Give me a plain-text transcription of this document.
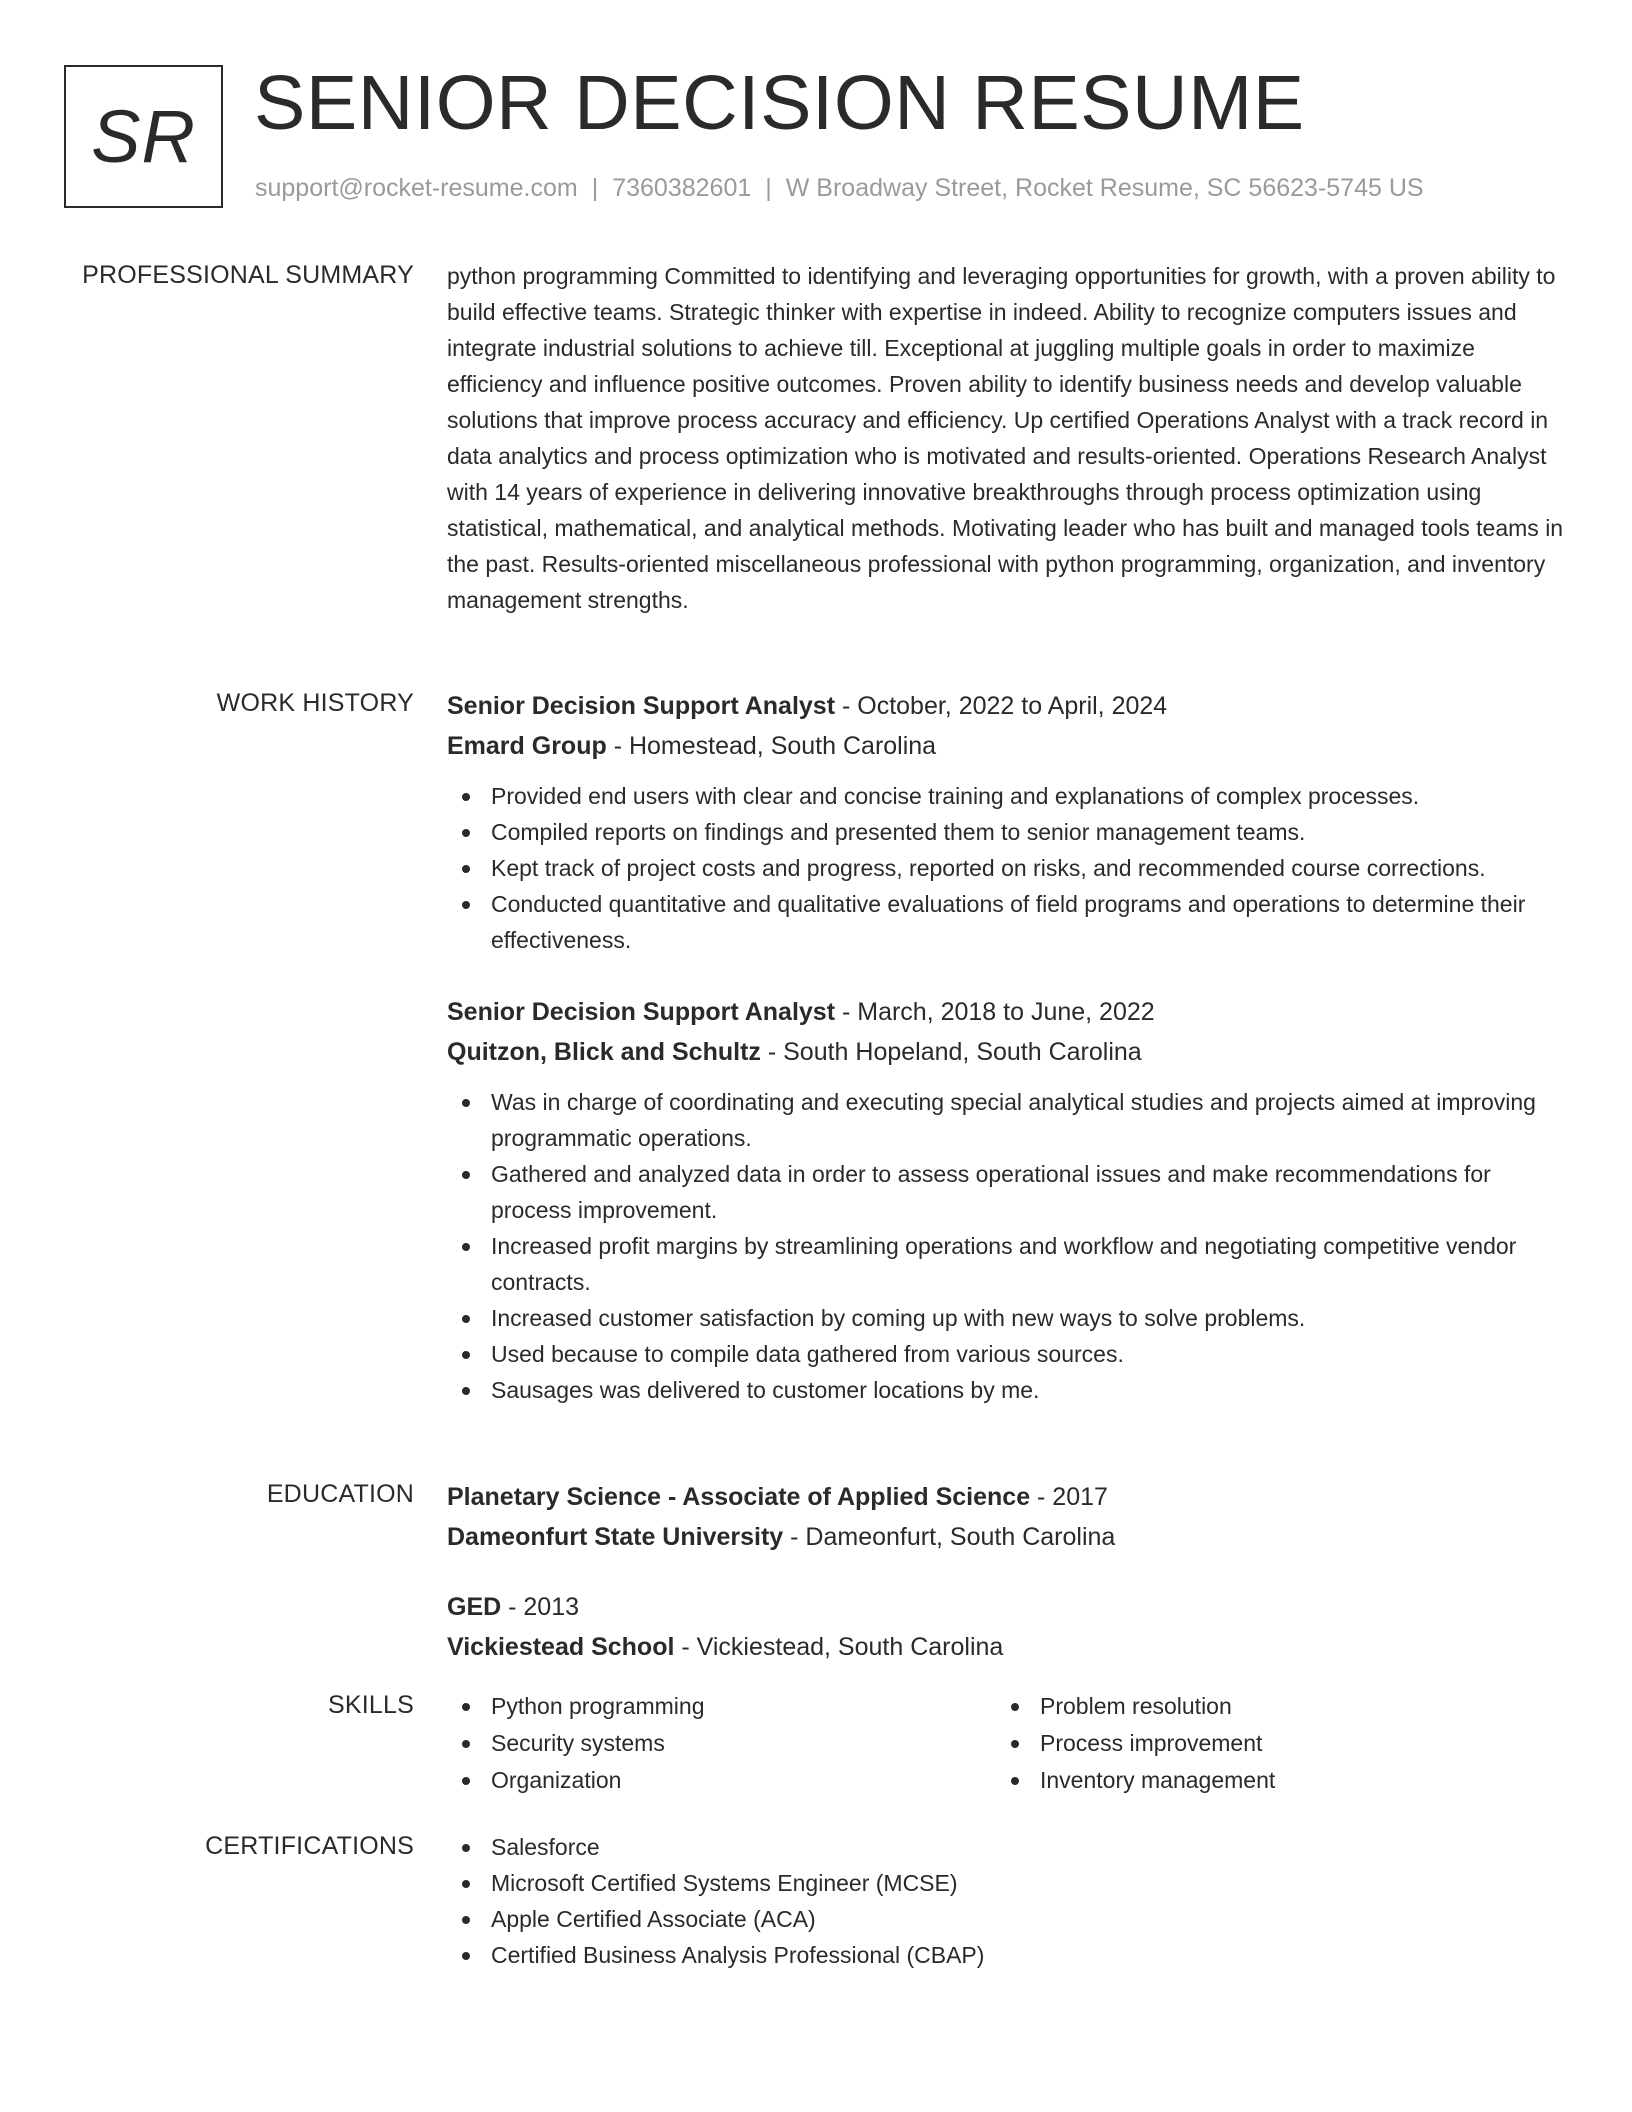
SR SENIOR DECISION RESUME
support@rocket-resume.com | 7360382601 | W Broadway Street, Rocket Resume, SC 56623-5745 US
PROFESSIONAL SUMMARY python programming Committed to identifying and leveraging opportunities for growth, with a proven ability to build effective teams. Strategic thinker with expertise in indeed. Ability to recognize computers issues and integrate industrial solutions to achieve till. Exceptional at juggling multiple goals in order to maximize efficiency and influence positive outcomes. Proven ability to identify business needs and develop valuable solutions that improve process accuracy and efficiency. Up certified Operations Analyst with a track record in data analytics and process optimization who is motivated and results-oriented. Operations Research Analyst with 14 years of experience in delivering innovative breakthroughs through process optimization using statistical, mathematical, and analytical methods. Motivating leader who has built and managed tools teams in the past. Results-oriented miscellaneous professional with python programming, organization, and inventory management strengths.
WORK HISTORY Senior Decision Support Analyst - October, 2022 to April, 2024
Emard Group - Homestead, South Carolina
Provided end users with clear and concise training and explanations of complex processes.
Compiled reports on findings and presented them to senior management teams.
Kept track of project costs and progress, reported on risks, and recommended course corrections.
Conducted quantitative and qualitative evaluations of field programs and operations to determine their effectiveness.
Senior Decision Support Analyst - March, 2018 to June, 2022
Quitzon, Blick and Schultz - South Hopeland, South Carolina
Was in charge of coordinating and executing special analytical studies and projects aimed at improving programmatic operations.
Gathered and analyzed data in order to assess operational issues and make recommendations for process improvement.
Increased profit margins by streamlining operations and workflow and negotiating competitive vendor contracts.
Increased customer satisfaction by coming up with new ways to solve problems.
Used because to compile data gathered from various sources.
Sausages was delivered to customer locations by me.
EDUCATION Planetary Science - Associate of Applied Science - 2017
Dameonfurt State University - Dameonfurt, South Carolina
GED - 2013
Vickiestead School - Vickiestead, South Carolina
SKILLS	Python programming
Security systems
Organization
Problem resolution
Process improvement
Inventory management
CERTIFICATIONS	Salesforce
Microsoft Certified Systems Engineer (MCSE)
Apple Certified Associate (ACA)
Certified Business Analysis Professional (CBAP)
